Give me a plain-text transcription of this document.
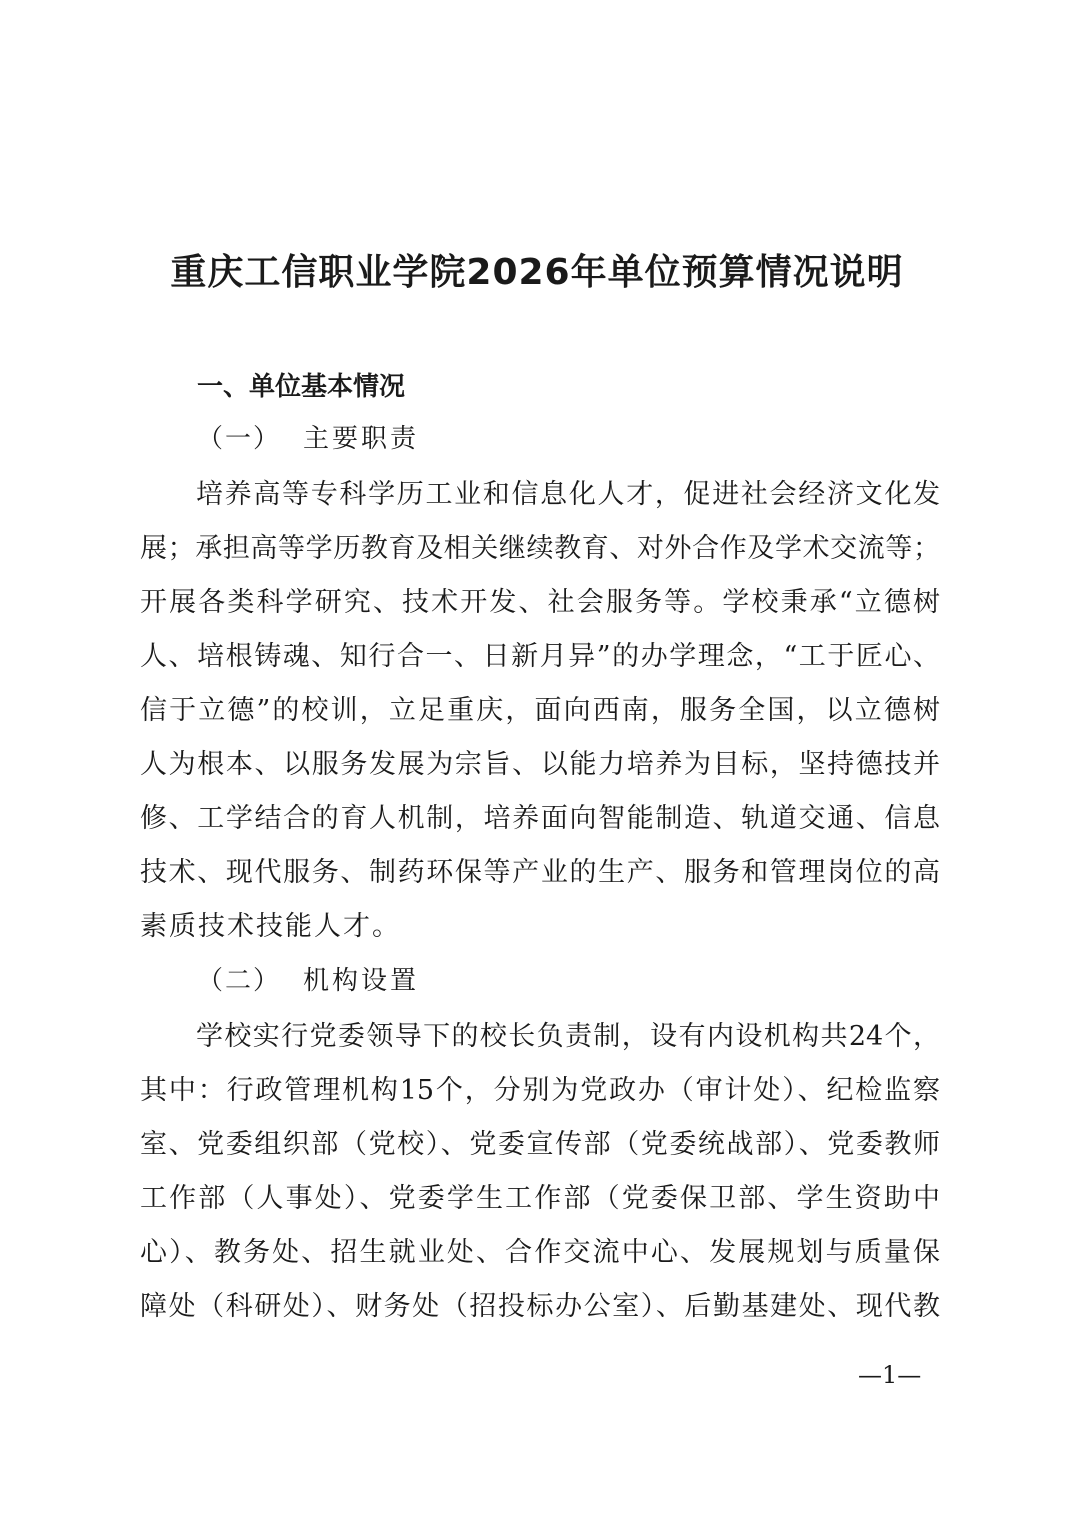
重庆工信职业学院2026年单位预算情况说明
一、单位基本情况
（一） 主要职责
培养高等专科学历工业和信息化人才，促进社会经济文化发
展；承担高等学历教育及相关继续教育、对外合作及学术交流等；
开展各类科学研究、技术开发、社会服务等。学校秉承“立德树
人、培根铸魂、知行合一、日新月异”的办学理念，“工于匠心、
信于立德”的校训，立足重庆，面向西南，服务全国，以立德树
人为根本、以服务发展为宗旨、以能力培养为目标，坚持德技并
修、工学结合的育人机制，培养面向智能制造、轨道交通、信息
技术、现代服务、制药环保等产业的生产、服务和管理岗位的高
素质技术技能人才。
（二） 机构设置
学校实行党委领导下的校长负责制，设有内设机构共24个，
其中：行政管理机构15个，分别为党政办（审计处）、纪检监察
室、党委组织部（党校）、党委宣传部（党委统战部）、党委教师
工作部（人事处）、党委学生工作部（党委保卫部、学生资助中
心）、教务处、招生就业处、合作交流中心、发展规划与质量保
障处（科研处）、财务处（招投标办公室）、后勤基建处、现代教
—1—
